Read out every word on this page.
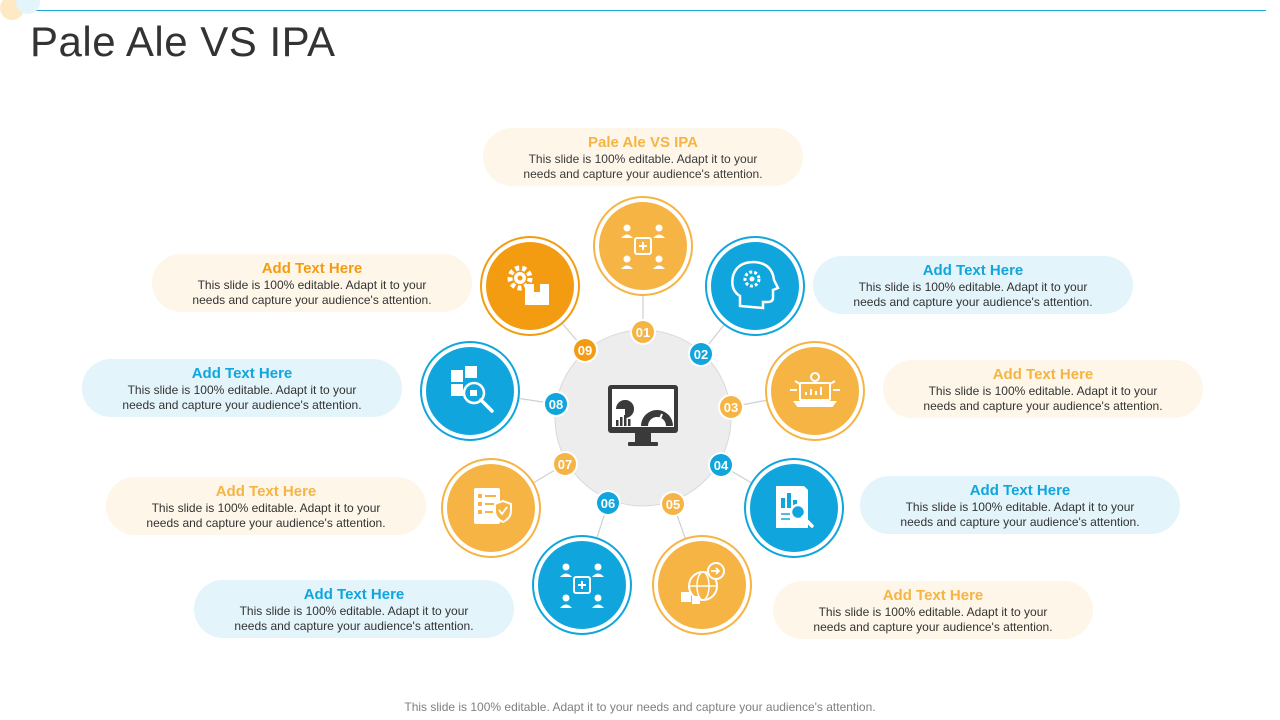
Pale Ale VS IPA
01
02
03
04
05
06
07
08
09
Pale Ale VS IPA
This slide is 100% editable. Adapt it to your
needs and capture your audience's attention.
Add Text Here
This slide is 100% editable. Adapt it to your
needs and capture your audience's attention.
Add Text Here
This slide is 100% editable. Adapt it to your
needs and capture your audience's attention.
Add Text Here
This slide is 100% editable. Adapt it to your
needs and capture your audience's attention.
Add Text Here
This slide is 100% editable. Adapt it to your
needs and capture your audience's attention.
Add Text Here
This slide is 100% editable. Adapt it to your
needs and capture your audience's attention.
Add Text Here
This slide is 100% editable. Adapt it to your
needs and capture your audience's attention.
Add Text Here
This slide is 100% editable. Adapt it to your
needs and capture your audience's attention.
Add Text Here
This slide is 100% editable. Adapt it to your
needs and capture your audience's attention.
This slide is 100% editable. Adapt it to your needs and capture your audience's attention.
